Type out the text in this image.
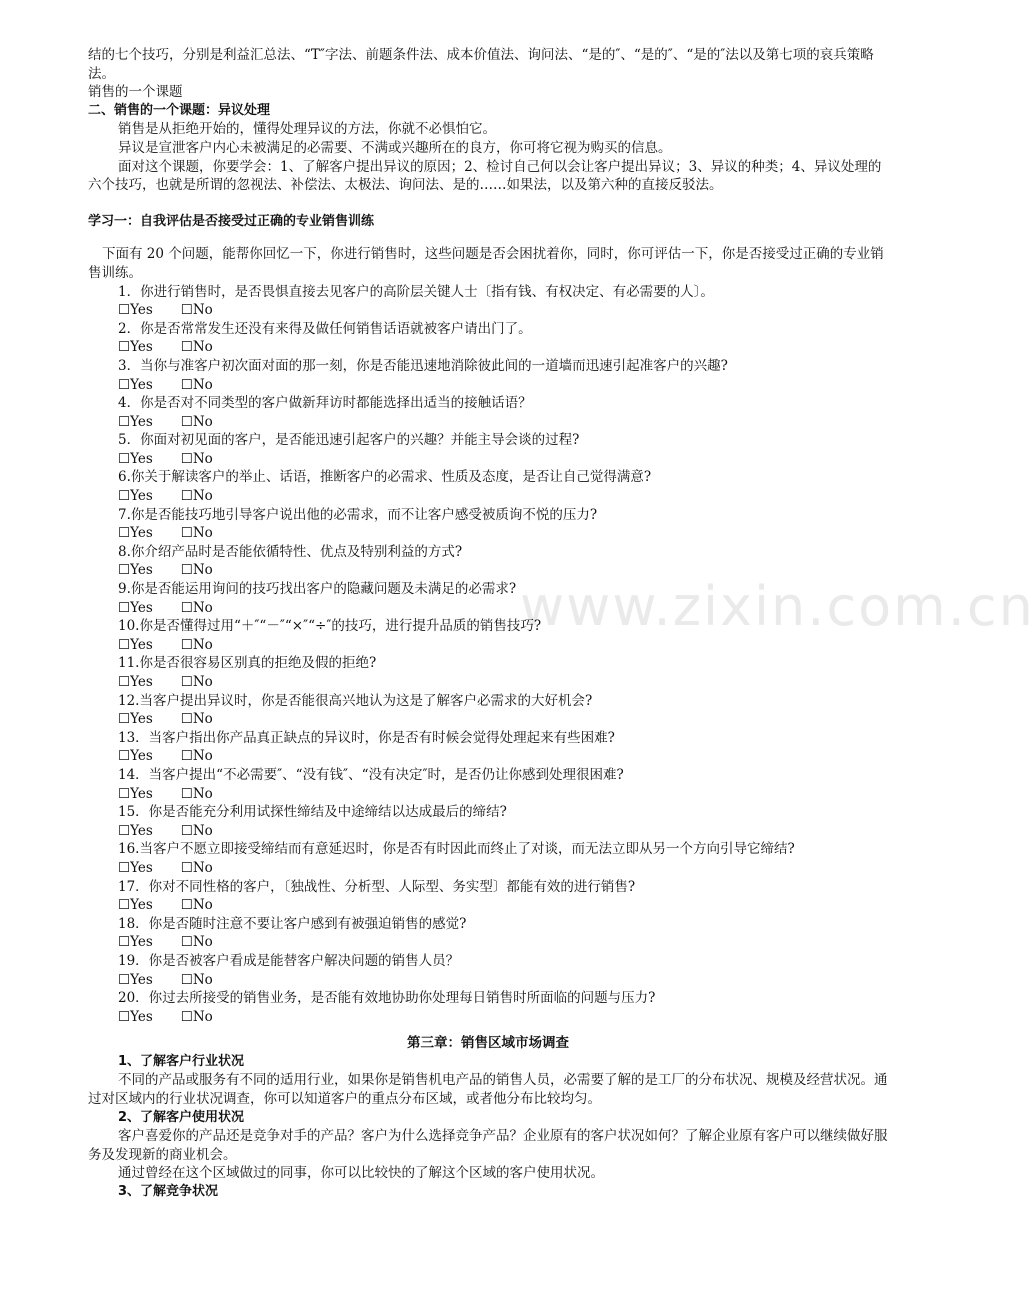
www.zixin.com.cn

结的七个技巧，分别是利益汇总法、“T″字法、前题条件法、成本价值法、询问法、“是的″、“是的″、“是的″法以及第七项的哀兵策略法。

销售的一个课题

二、销售的一个课题：异议处理

销售是从拒绝开始的，懂得处理异议的方法，你就不必惧怕它。

异议是宣泄客户内心未被满足的必需要、不满或兴趣所在的良方，你可将它视为购买的信息。

面对这个课题，你要学会：1、了解客户提出异议的原因；2、检讨自己何以会让客户提出异议；3、异议的种类；4、异议处理的六个技巧，也就是所谓的忽视法、补偿法、太极法、询问法、是的……如果法，以及第六种的直接反驳法。

学习一：自我评估是否接受过正确的专业销售训练

下面有 20 个问题，能帮你回忆一下，你进行销售时，这些问题是否会困扰着你，同时，你可评估一下，你是否接受过正确的专业销售训练。

1．你进行销售时，是否畏惧直接去见客户的高阶层关键人士〔指有钱、有权决定、有必需要的人〕。

☐Yes ☐No

2．你是否常常发生还没有来得及做任何销售话语就被客户请出门了。

☐Yes ☐No

3．当你与准客户初次面对面的那一刻，你是否能迅速地消除彼此间的一道墙而迅速引起准客户的兴趣?

☐Yes ☐No

4．你是否对不同类型的客户做新拜访时都能选择出适当的接触话语？

☐Yes ☐No

5．你面对初见面的客户，是否能迅速引起客户的兴趣？并能主导会谈的过程?

☐Yes ☐No

6.你关于解读客户的举止、话语，推断客户的必需求、性质及态度，是否让自己觉得满意?

☐Yes ☐No

7.你是否能技巧地引导客户说出他的必需求，而不让客户感受被质询不悦的压力?

☐Yes ☐No

8.你介绍产品时是否能依循特性、优点及特别利益的方式?

☐Yes ☐No

9.你是否能运用询问的技巧找出客户的隐藏问题及未满足的必需求?

☐Yes ☐No

10.你是否懂得过用“＋″“－″“×″“÷″的技巧，进行提升品质的销售技巧?

☐Yes ☐No

11.你是否很容易区别真的拒绝及假的拒绝?

☐Yes ☐No

12.当客户提出异议时，你是否能很高兴地认为这是了解客户必需求的大好机会?

☐Yes ☐No

13．当客户指出你产品真正缺点的异议时，你是否有时候会觉得处理起来有些困难?

☐Yes ☐No

14．当客户提出“不必需要″、“没有钱″、“没有决定″时，是否仍让你感到处理很困难?

☐Yes ☐No

15．你是否能充分利用试探性缔结及中途缔结以达成最后的缔结?

☐Yes ☐No

16.当客户不愿立即接受缔结而有意延迟时，你是否有时因此而终止了对谈，而无法立即从另一个方向引导它缔结?

☐Yes ☐No

17．你对不同性格的客户，〔独战性、分析型、人际型、务实型〕都能有效的进行销售?

☐Yes ☐No

18．你是否随时注意不要让客户感到有被强迫销售的感觉?

☐Yes ☐No

19．你是否被客户看成是能替客户解决问题的销售人员？

☐Yes ☐No

20．你过去所接受的销售业务，是否能有效地协助你处理每日销售时所面临的问题与压力?

☐Yes ☐No

第三章：销售区域市场调查

1、了解客户行业状况

不同的产品或服务有不同的适用行业，如果你是销售机电产品的销售人员，必需要了解的是工厂的分布状况、规模及经营状况。通过对区域内的行业状况调查，你可以知道客户的重点分布区域，或者他分布比较均匀。

2、了解客户使用状况

客户喜爱你的产品还是竞争对手的产品？客户为什么选择竞争产品？企业原有的客户状况如何？了解企业原有客户可以继续做好服务及发现新的商业机会。

通过曾经在这个区域做过的同事，你可以比较快的了解这个区域的客户使用状况。

3、了解竞争状况
